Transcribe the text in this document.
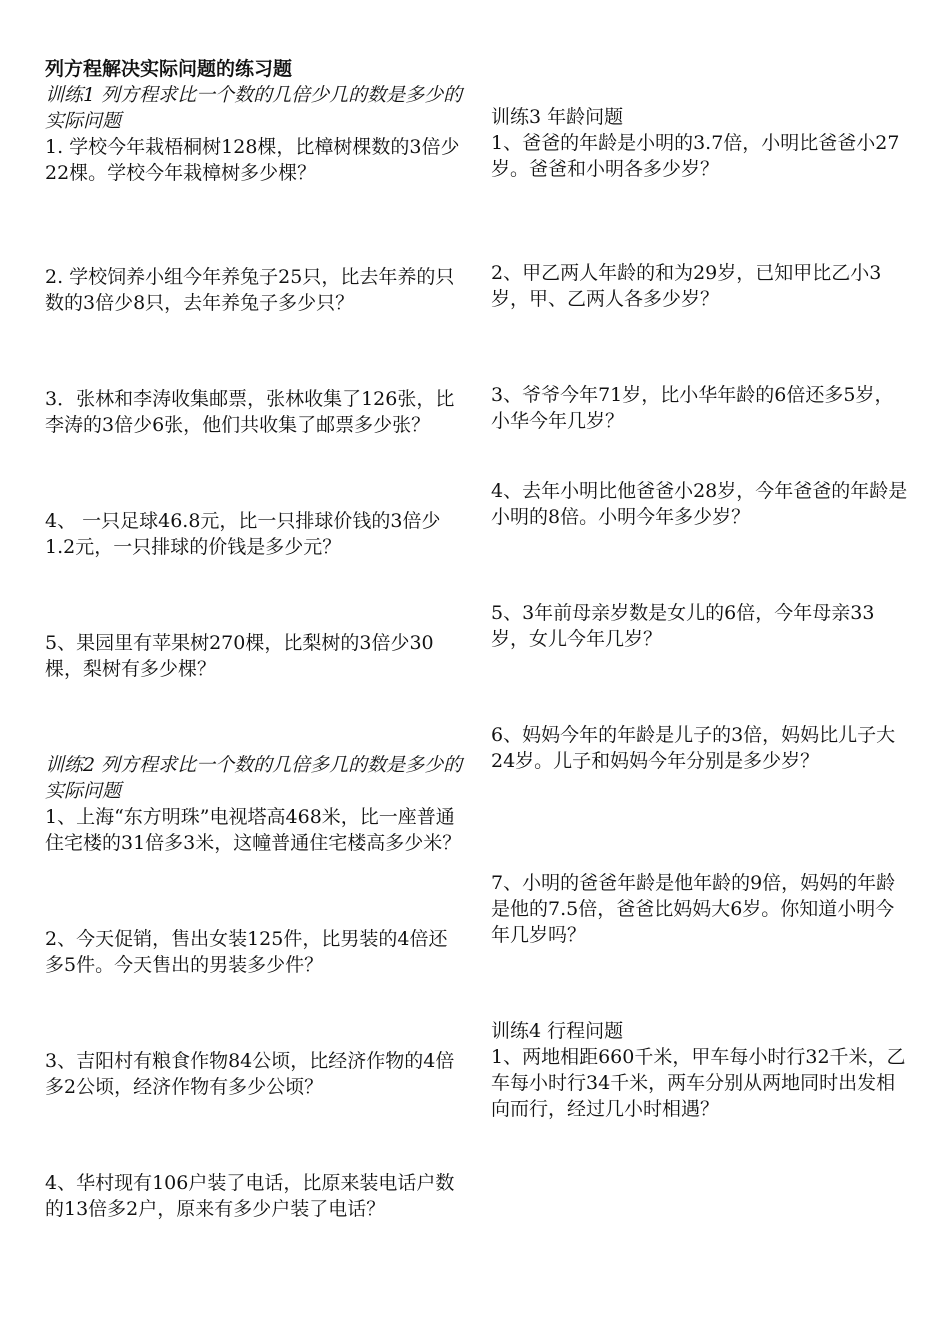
列方程解决实际问题的练习题

训练1 列方程求比一个数的几倍少几的数是多少的实际问题

1. 学校今年栽梧桐树128棵，比樟树棵数的3倍少22棵。学校今年栽樟树多少棵？

2. 学校饲养小组今年养兔子25只，比去年养的只数的3倍少8只，去年养兔子多少只？

3．张林和李涛收集邮票，张林收集了126张，比李涛的3倍少6张，他们共收集了邮票多少张？

4、 一只足球46.8元，比一只排球价钱的3倍少1.2元，一只排球的价钱是多少元？

5、果园里有苹果树270棵，比梨树的3倍少30棵，梨树有多少棵？

训练2 列方程求比一个数的几倍多几的数是多少的实际问题

1、上海“东方明珠”电视塔高468米，比一座普通住宅楼的31倍多3米，这幢普通住宅楼高多少米？

2、今天促销，售出女装125件，比男装的4倍还多5件。今天售出的男装多少件？

3、吉阳村有粮食作物84公顷，比经济作物的4倍多2公顷，经济作物有多少公顷？

4、华村现有106户装了电话，比原来装电话户数的13倍多2户，原来有多少户装了电话？

训练3 年龄问题

1、爸爸的年龄是小明的3.7倍，小明比爸爸小27岁。爸爸和小明各多少岁？

2、甲乙两人年龄的和为29岁，已知甲比乙小3岁，甲、乙两人各多少岁？

3、爷爷今年71岁，比小华年龄的6倍还多5岁，小华今年几岁？

4、去年小明比他爸爸小28岁，今年爸爸的年龄是小明的8倍。小明今年多少岁？

5、3年前母亲岁数是女儿的6倍，今年母亲33岁，女儿今年几岁？

6、妈妈今年的年龄是儿子的3倍，妈妈比儿子大24岁。儿子和妈妈今年分别是多少岁？

7、小明的爸爸年龄是他年龄的9倍，妈妈的年龄是他的7.5倍，爸爸比妈妈大6岁。你知道小明今年几岁吗？

训练4 行程问题

1、两地相距660千米，甲车每小时行32千米，乙车每小时行34千米，两车分别从两地同时出发相向而行，经过几小时相遇？
